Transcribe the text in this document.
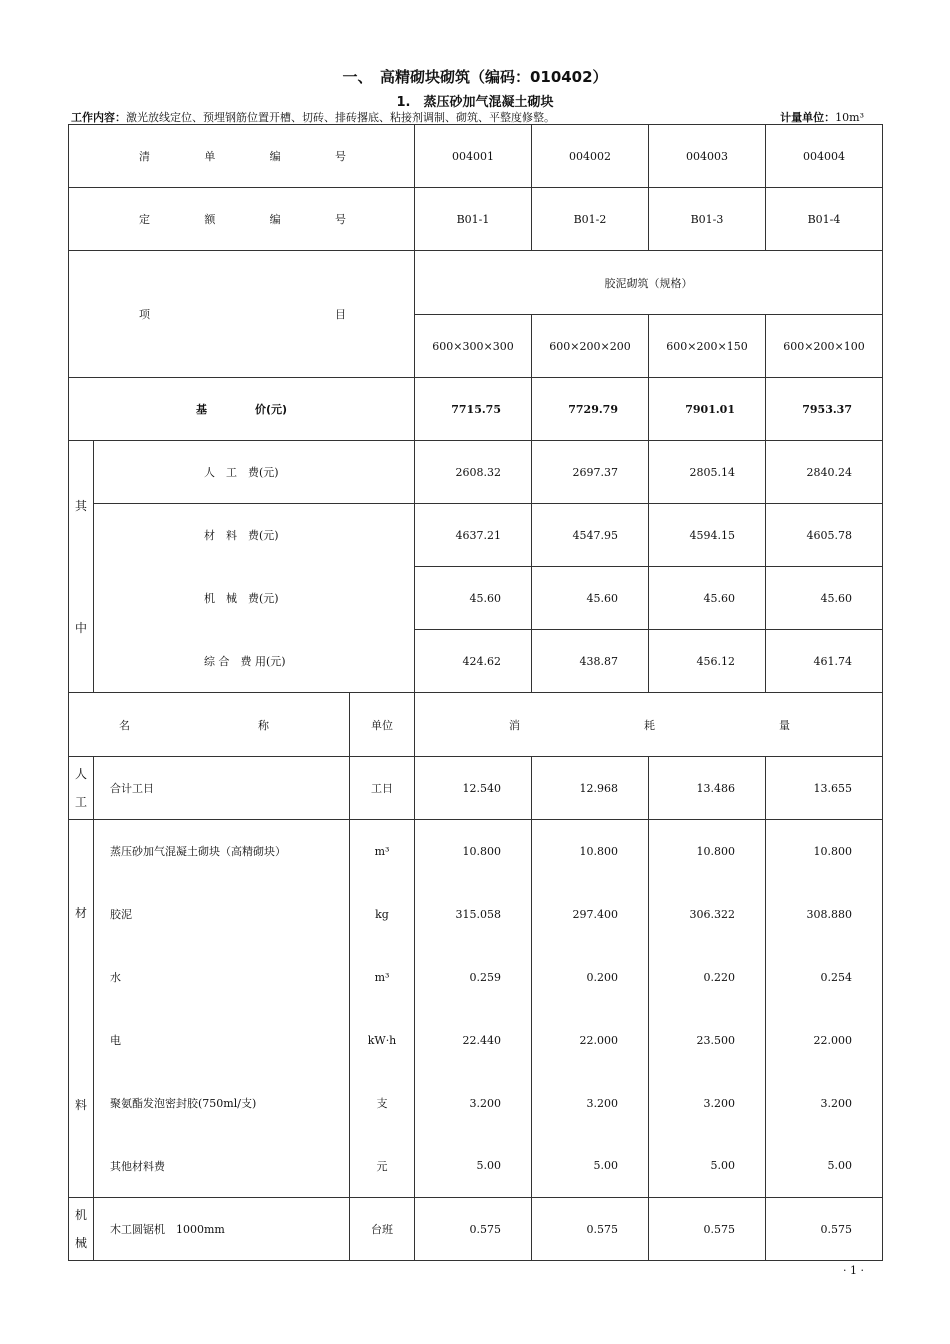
一、　高精砌块砌筑（编码：010402）
1.　蒸压砂加气混凝土砌块
工作内容：激光放线定位、预埋钢筋位置开槽、切砖、排砖撂底、粘接剂调制、砌筑、平整度修整。	计量单位：10m³
清 单 编 号			004001	004002	004003	004004

定 额 编 号			B01-1	B01-2	B01-3	B01-4

项 目			胶泥砌筑（规格）			
			600×300×300	600×200×200	600×200×150	600×200×100

基 价(元)			7715.75	7729.79	7901.01	7953.37

其
中	人　工　费(元)		2608.32	2697.37	2805.14	2840.24
	材　料　费(元)		4637.21	4547.95	4594.15	4605.78
	机　械　费(元)		45.60	45.60	45.60	45.60
	综 合　费 用(元)		424.62	438.87	456.12	461.74

名 称		单位	消 耗 量			

人
工	合计工日	工日	12.540	12.968	13.486	13.655

材
料	蒸压砂加气混凝土砌块（高精砌块）	m³	10.800	10.800	10.800	10.800
	胶泥	kg	315.058	297.400	306.322	308.880
	水	m³	0.259	0.200	0.220	0.254
	电	kW·h	22.440	22.000	23.500	22.000
	聚氨酯发泡密封胶(750ml/支)	支	3.200	3.200	3.200	3.200
	其他材料费	元	5.00	5.00	5.00	5.00

机
械	木工圆锯机　1000mm	台班	0.575	0.575	0.575	0.575
· 1 ·
